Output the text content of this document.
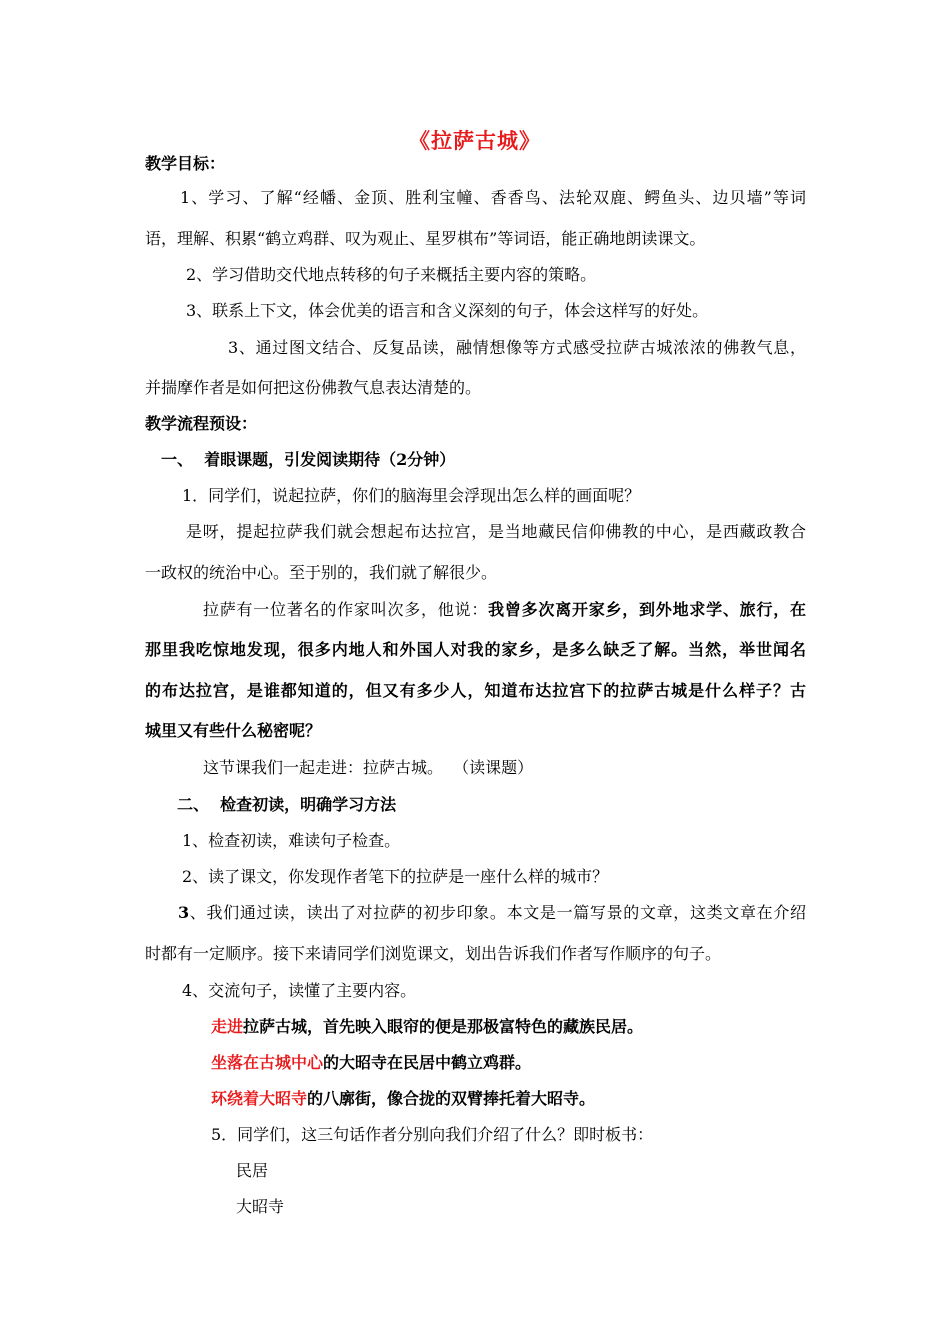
《拉萨古城》
教学目标：
1、学习、了解“经幡、金顶、胜利宝幢、香香鸟、法轮双鹿、鳄鱼头、边贝墙”等词
语，理解、积累“鹤立鸡群、叹为观止、星罗棋布”等词语，能正确地朗读课文。
2、学习借助交代地点转移的句子来概括主要内容的策略。
3、联系上下文，体会优美的语言和含义深刻的句子，体会这样写的好处。
3、通过图文结合、反复品读，融情想像等方式感受拉萨古城浓浓的佛教气息，
并揣摩作者是如何把这份佛教气息表达清楚的。
教学流程预设：
一、  着眼课题，引发阅读期待（2分钟）
1．同学们，说起拉萨，你们的脑海里会浮现出怎么样的画面呢？
是呀，提起拉萨我们就会想起布达拉宫，是当地藏民信仰佛教的中心，是西藏政教合
一政权的统治中心。至于别的，我们就了解很少。
拉萨有一位著名的作家叫次多，他说：我曾多次离开家乡，到外地求学、旅行，在
那里我吃惊地发现，很多内地人和外国人对我的家乡，是多么缺乏了解。当然，举世闻名
的布达拉宫，是谁都知道的，但又有多少人，知道布达拉宫下的拉萨古城是什么样子？古
城里又有些什么秘密呢？
这节课我们一起走进：拉萨古城。  （读课题）
二、  检查初读，明确学习方法
1、检查初读，难读句子检查。
2、读了课文，你发现作者笔下的拉萨是一座什么样的城市？
3、我们通过读，读出了对拉萨的初步印象。本文是一篇写景的文章，这类文章在介绍
时都有一定顺序。接下来请同学们浏览课文，划出告诉我们作者写作顺序的句子。
4、交流句子，读懂了主要内容。
走进拉萨古城，首先映入眼帘的便是那极富特色的藏族民居。
坐落在古城中心的大昭寺在民居中鹤立鸡群。
环绕着大昭寺的八廓街，像合拢的双臂捧托着大昭寺。
5．同学们，这三句话作者分别向我们介绍了什么？即时板书：
民居
大昭寺
